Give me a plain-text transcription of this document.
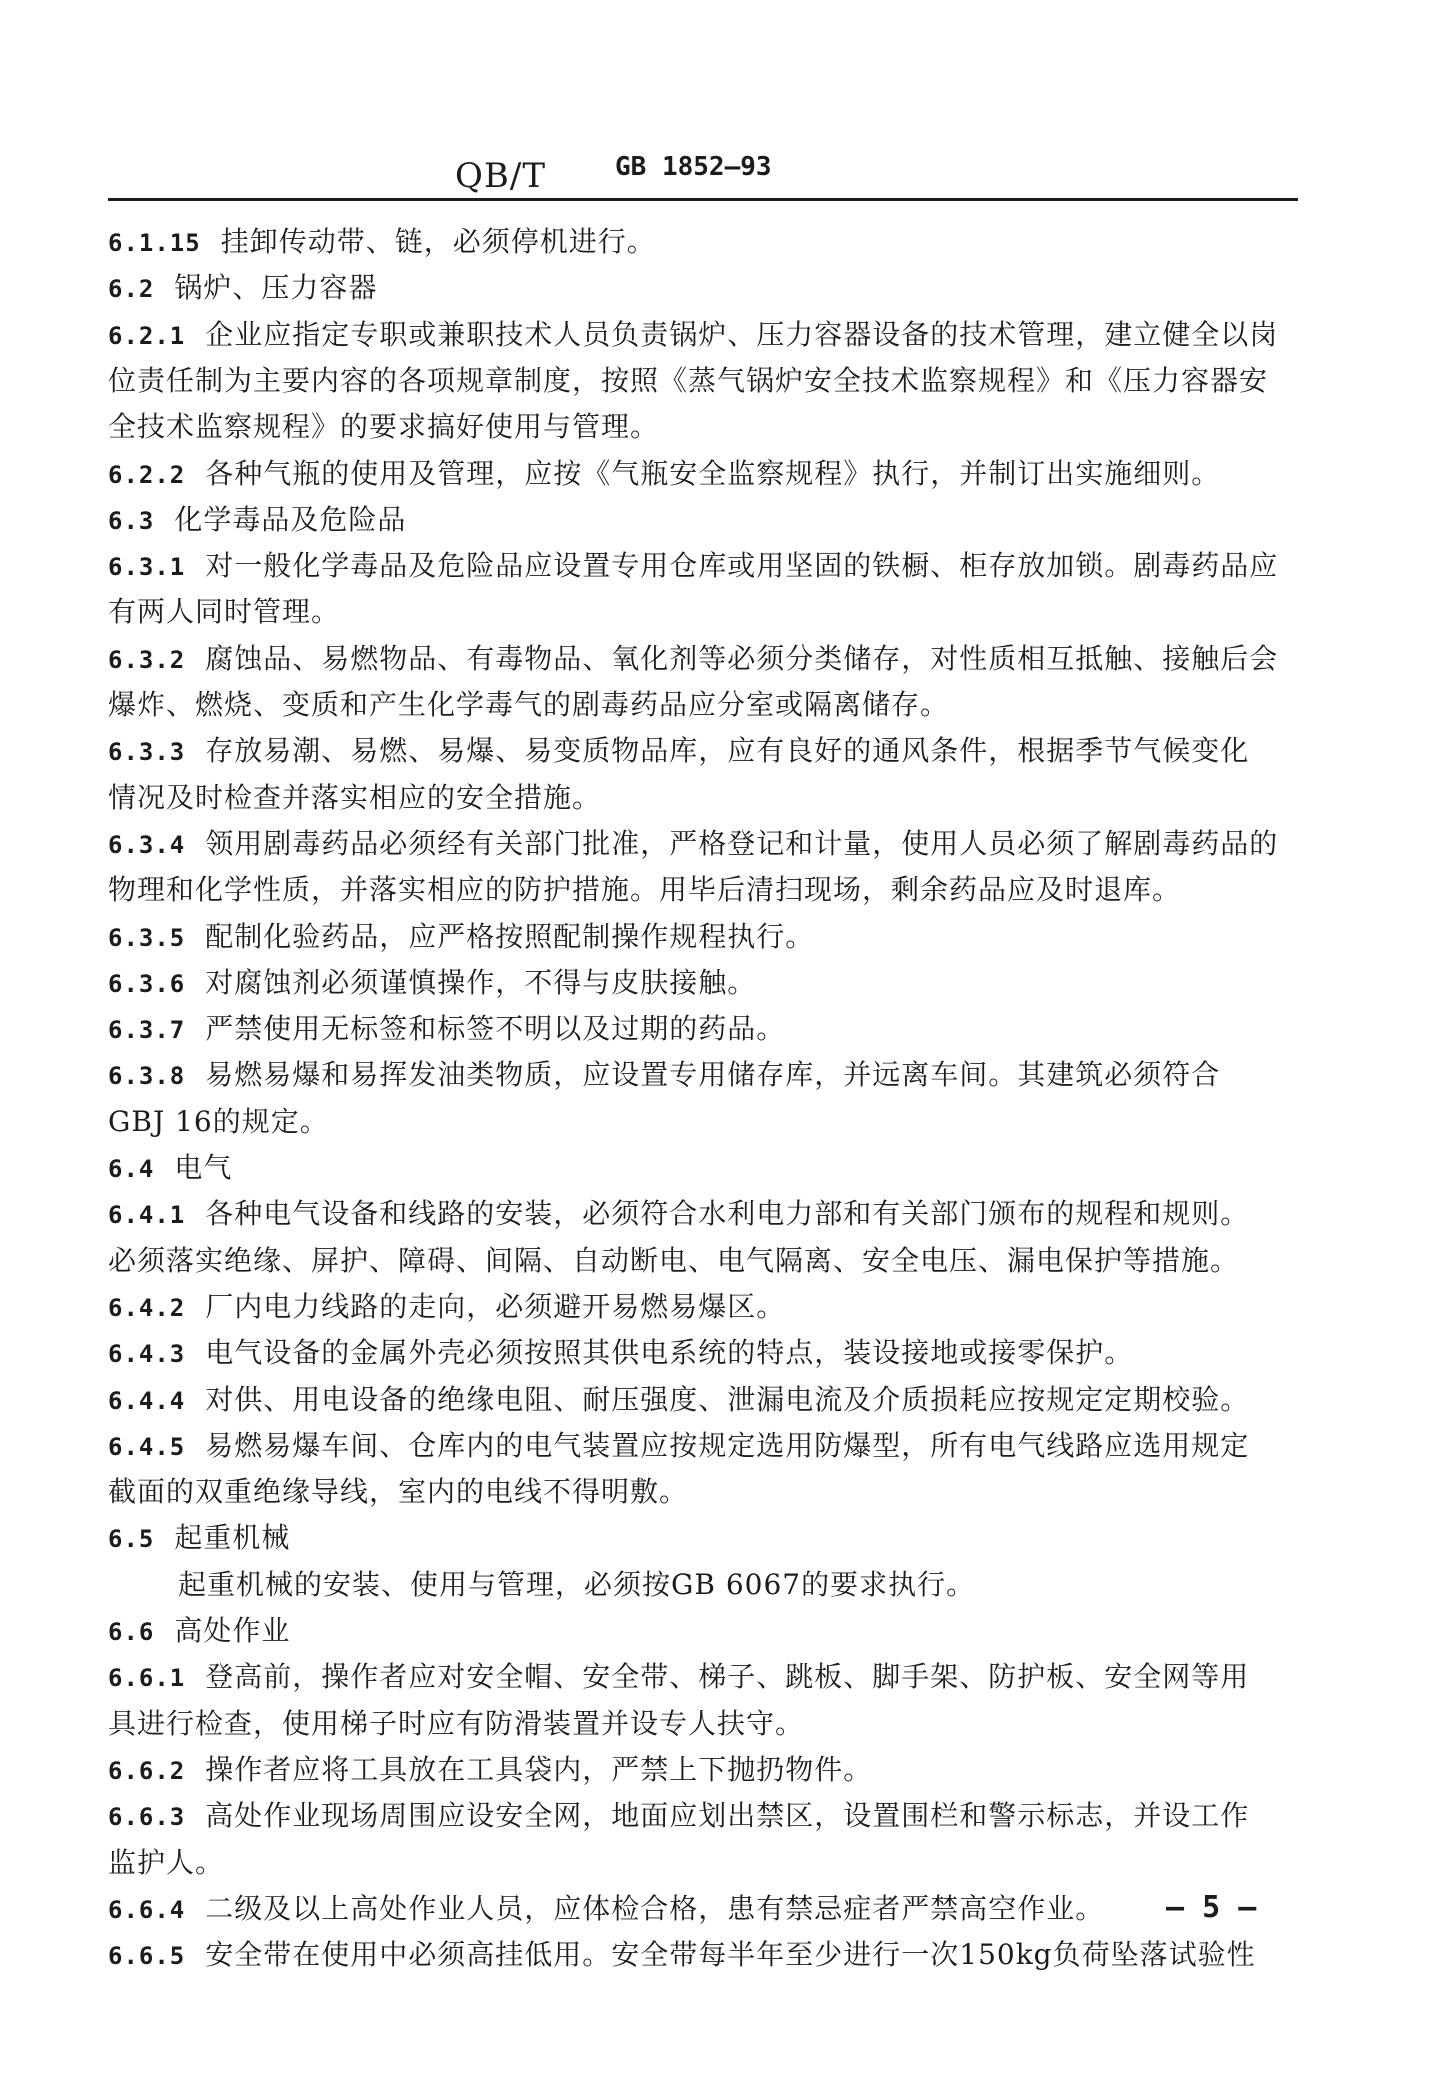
QB/T	GB 1852—93
6.1.15 挂卸传动带、链，必须停机进行。
6.2 锅炉、压力容器
6.2.1 企业应指定专职或兼职技术人员负责锅炉、压力容器设备的技术管理，建立健全以岗
位责任制为主要内容的各项规章制度，按照《蒸气锅炉安全技术监察规程》和《压力容器安
全技术监察规程》的要求搞好使用与管理。
6.2.2 各种气瓶的使用及管理，应按《气瓶安全监察规程》执行，并制订出实施细则。
6.3 化学毒品及危险品
6.3.1 对一般化学毒品及危险品应设置专用仓库或用坚固的铁橱、柜存放加锁。剧毒药品应
有两人同时管理。
6.3.2 腐蚀品、易燃物品、有毒物品、氧化剂等必须分类储存，对性质相互抵触、接触后会
爆炸、燃烧、变质和产生化学毒气的剧毒药品应分室或隔离储存。
6.3.3 存放易潮、易燃、易爆、易变质物品库，应有良好的通风条件，根据季节气候变化
情况及时检查并落实相应的安全措施。
6.3.4 领用剧毒药品必须经有关部门批准，严格登记和计量，使用人员必须了解剧毒药品的
物理和化学性质，并落实相应的防护措施。用毕后清扫现场，剩余药品应及时退库。
6.3.5 配制化验药品，应严格按照配制操作规程执行。
6.3.6 对腐蚀剂必须谨慎操作，不得与皮肤接触。
6.3.7 严禁使用无标签和标签不明以及过期的药品。
6.3.8 易燃易爆和易挥发油类物质，应设置专用储存库，并远离车间。其建筑必须符合
GBJ 16的规定。
6.4 电气
6.4.1 各种电气设备和线路的安装，必须符合水利电力部和有关部门颁布的规程和规则。
必须落实绝缘、屏护、障碍、间隔、自动断电、电气隔离、安全电压、漏电保护等措施。
6.4.2 厂内电力线路的走向，必须避开易燃易爆区。
6.4.3 电气设备的金属外壳必须按照其供电系统的特点，装设接地或接零保护。
6.4.4 对供、用电设备的绝缘电阻、耐压强度、泄漏电流及介质损耗应按规定定期校验。
6.4.5 易燃易爆车间、仓库内的电气装置应按规定选用防爆型，所有电气线路应选用规定
截面的双重绝缘导线，室内的电线不得明敷。
6.5 起重机械
起重机械的安装、使用与管理，必须按GB 6067的要求执行。
6.6 高处作业
6.6.1 登高前，操作者应对安全帽、安全带、梯子、跳板、脚手架、防护板、安全网等用
具进行检查，使用梯子时应有防滑装置并设专人扶守。
6.6.2 操作者应将工具放在工具袋内，严禁上下抛扔物件。
6.6.3 高处作业现场周围应设安全网，地面应划出禁区，设置围栏和警示标志，并设工作
监护人。
6.6.4 二级及以上高处作业人员，应体检合格，患有禁忌症者严禁高空作业。
6.6.5 安全带在使用中必须高挂低用。安全带每半年至少进行一次150kg负荷坠落试验性
— 5 —
